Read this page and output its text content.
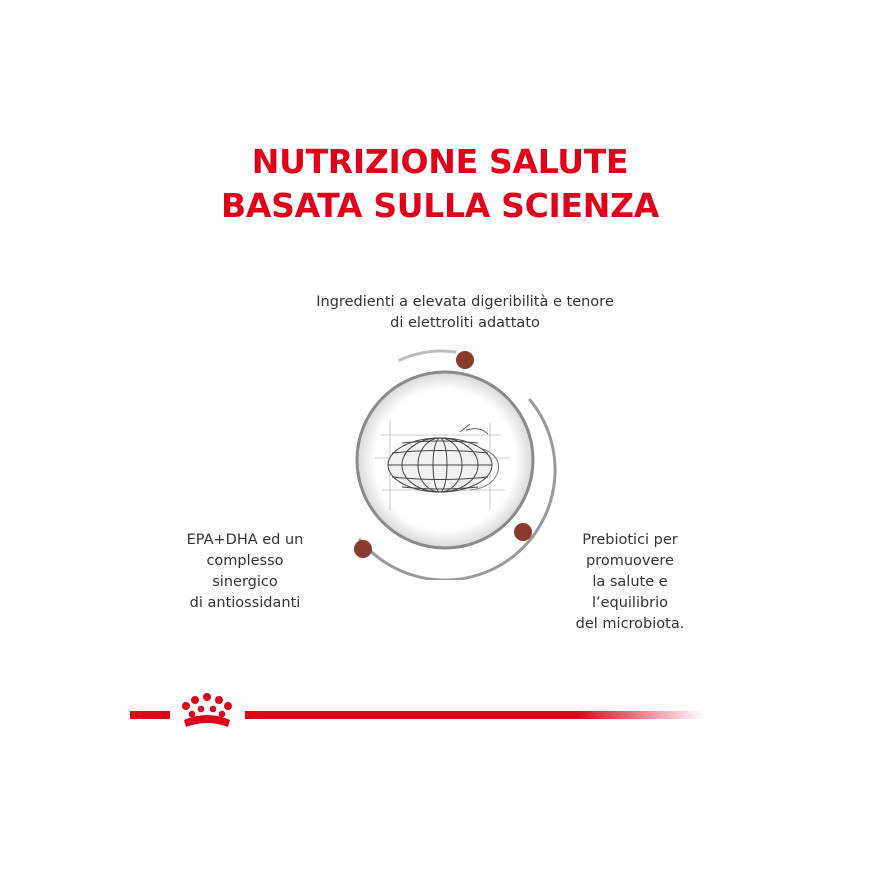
NUTRIZIONE SALUTE
BASATA SULLA SCIENZA
Ingredienti a elevata digeribilità e tenore
di elettroliti adattato
EPA+DHA ed un
complesso
sinergico
di antiossidanti
Prebiotici per
promuovere
la salute e
l’equilibrio
del microbiota.
